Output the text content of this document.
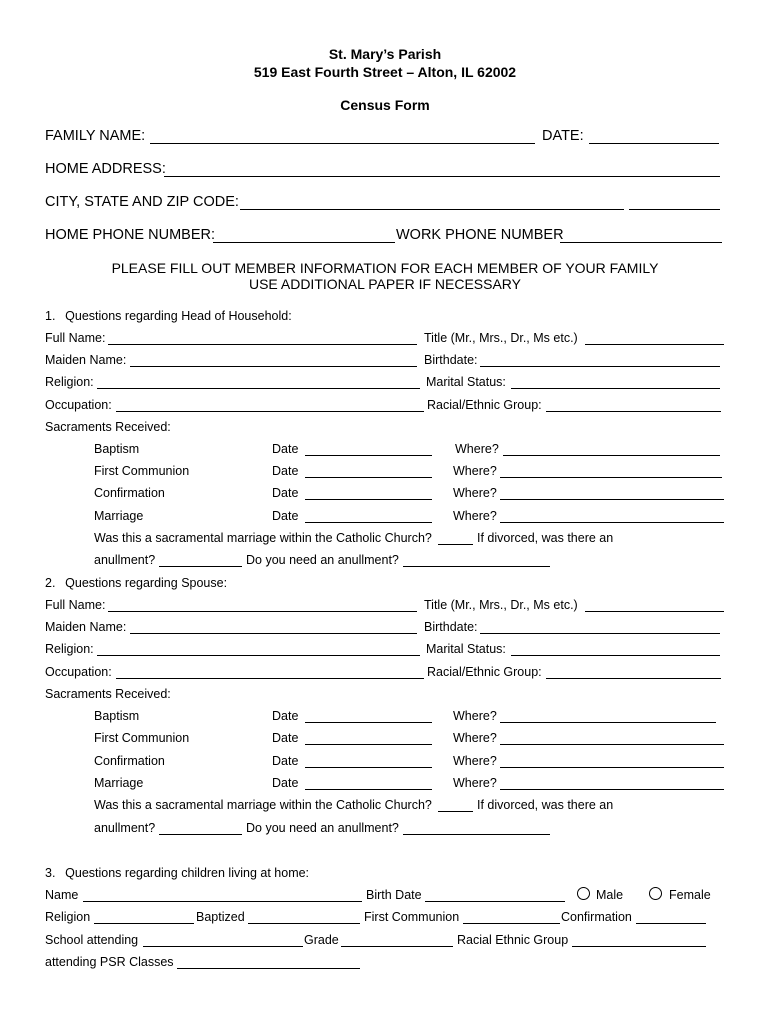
St. Mary’s Parish
519 East Fourth Street – Alton, IL 62002
Census Form
FAMILY NAME:	DATE:
HOME ADDRESS:
CITY, STATE AND ZIP CODE:
HOME PHONE NUMBER:	WORK PHONE NUMBER
PLEASE FILL OUT MEMBER INFORMATION FOR EACH MEMBER OF YOUR FAMILY
USE ADDITIONAL PAPER IF NECESSARY
1.  Questions regarding Head of Household:
Full Name:	Title (Mr., Mrs., Dr., Ms etc.)
Maiden Name:	Birthdate:
Religion:	Marital Status:
Occupation:	Racial/Ethnic Group:
Sacraments Received:
Baptism	Date	Where?
First Communion	Date	Where?
Confirmation	Date	Where?
Marriage	Date	Where?
Was this a sacramental marriage within the Catholic Church?	If divorced, was there an
anullment?	Do you need an anullment?
2.  Questions regarding Spouse:
Full Name:	Title (Mr., Mrs., Dr., Ms etc.)
Maiden Name:	Birthdate:
Religion:	Marital Status:
Occupation:	Racial/Ethnic Group:
Sacraments Received:
Baptism	Date	Where?
First Communion	Date	Where?
Confirmation	Date	Where?
Marriage	Date	Where?
Was this a sacramental marriage within the Catholic Church?	If divorced, was there an
anullment?	Do you need an anullment?
3.  Questions regarding children living at home:
Name	Birth Date	Male	Female
Religion	Baptized	First Communion	Confirmation
School attending	Grade	Racial Ethnic Group
attending PSR Classes
